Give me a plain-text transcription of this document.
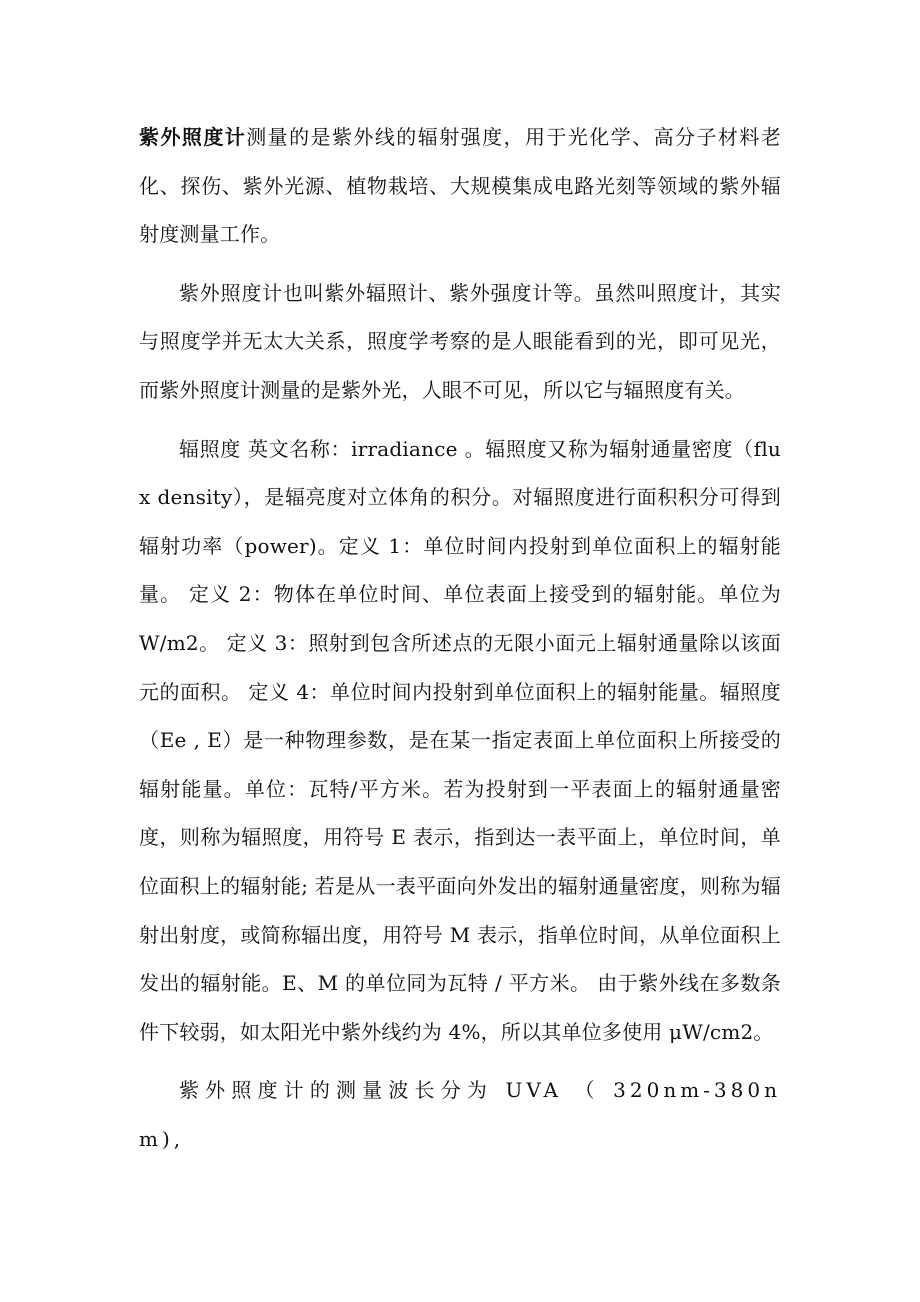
紫外照度计测量的是紫外线的辐射强度，用于光化学、高分子材料老化、探伤、紫外光源、植物栽培、大规模集成电路光刻等领域的紫外辐射度测量工作。

紫外照度计也叫紫外辐照计、紫外强度计等。虽然叫照度计，其实与照度学并无太大关系，照度学考察的是人眼能看到的光，即可见光，而紫外照度计测量的是紫外光，人眼不可见，所以它与辐照度有关。

辐照度 英文名称：irradiance 。辐照度又称为辐射通量密度（flux density），是辐亮度对立体角的积分。对辐照度进行面积积分可得到辐射功率（power)。定义 1：单位时间内投射到单位面积上的辐射能量。 定义 2：物体在单位时间、单位表面上接受到的辐射能。单位为 W/m2。 定义 3：照射到包含所述点的无限小面元上辐射通量除以该面元的面积。 定义 4：单位时间内投射到单位面积上的辐射能量。辐照度（Ee , E）是一种物理参数，是在某一指定表面上单位面积上所接受的辐射能量。单位：瓦特/平方米。若为投射到一平表面上的辐射通量密度，则称为辐照度，用符号 E 表示，指到达一表平面上，单位时间，单位面积上的辐射能; 若是从一表平面向外发出的辐射通量密度，则称为辐射出射度，或简称辐出度，用符号 M 表示，指单位时间，从单位面积上发出的辐射能。E、M 的单位同为瓦特 / 平方米。 由于紫外线在多数条件下较弱，如太阳光中紫外线约为 4%，所以其单位多使用 μW/cm2。

紫外照度计的测量波长分为 UVA （ 320nm-380nm),
